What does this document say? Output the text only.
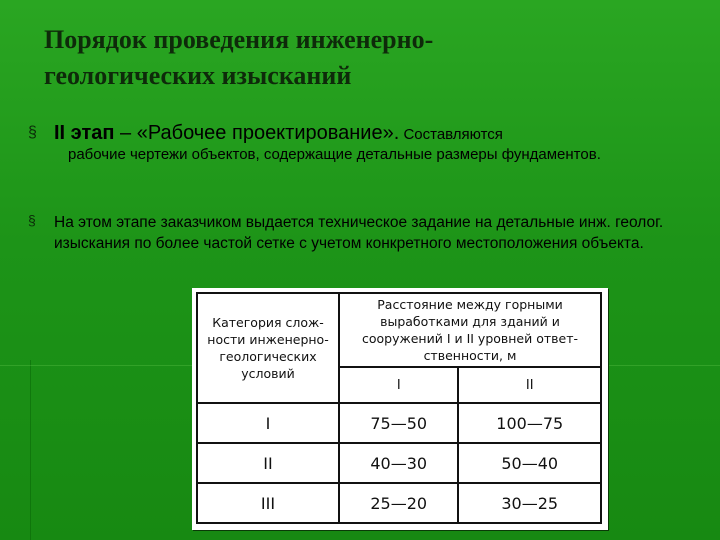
Порядок проведения инженерно-
геологических изысканий
§ II этап – «Рабочее проектирование». Составляются
рабочие чертежи объектов, содержащие детальные размеры фундаментов.
§ На этом этапе заказчиком выдается техническое задание на детальные инж. геолог. изыскания по более частой сетке с учетом конкретного местоположения объекта.
Категория слож-ности инженерно-геологических условий	Расстояние между горными выработками для зданий и сооружений I и II уровней ответ-ственности, м	
	I	II
I	75—50	100—75
II	40—30	50—40
III	25—20	30—25
